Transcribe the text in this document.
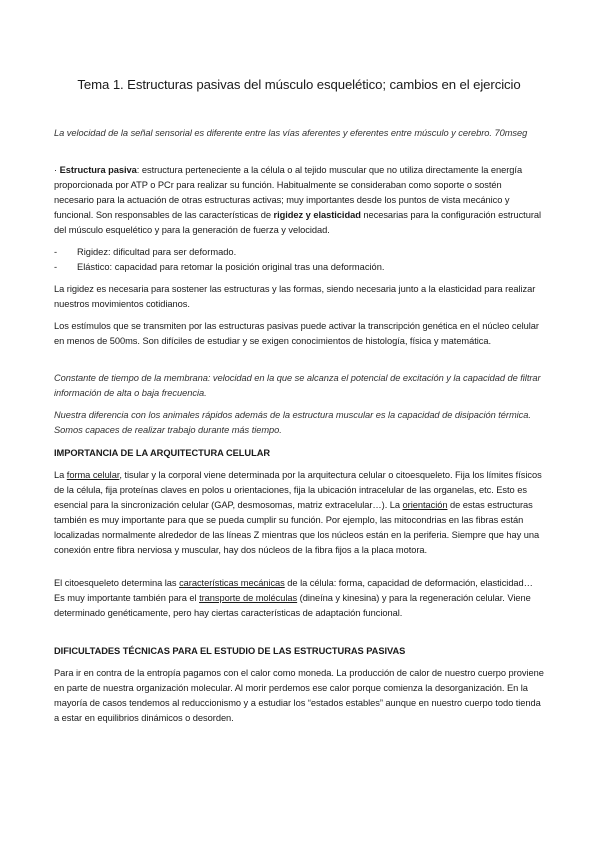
Tema 1. Estructuras pasivas del músculo esquelético; cambios en el ejercicio

La velocidad de la señal sensorial es diferente entre las vías aferentes y eferentes entre músculo y cerebro. 70mseg

· Estructura pasiva: estructura perteneciente a la célula o al tejido muscular que no utiliza directamente la energía proporcionada por ATP o PCr para realizar su función. Habitualmente se consideraban como soporte o sostén necesario para la actuación de otras estructuras activas; muy importantes desde los puntos de vista mecánico y funcional. Son responsables de las características de rigidez y elasticidad necesarias para la configuración estructural del músculo esquelético y para la generación de fuerza y velocidad.

- Rigidez: dificultad para ser deformado.
- Elástico: capacidad para retomar la posición original tras una deformación.

La rigidez es necesaria para sostener las estructuras y las formas, siendo necesaria junto a la elasticidad para realizar nuestros movimientos cotidianos.

Los estímulos que se transmiten por las estructuras pasivas puede activar la transcripción genética en el núcleo celular en menos de 500ms. Son difíciles de estudiar y se exigen conocimientos de histología, física y matemática.

Constante de tiempo de la membrana: velocidad en la que se alcanza el potencial de excitación y la capacidad de filtrar información de alta o baja frecuencia.

Nuestra diferencia con los animales rápidos además de la estructura muscular es la capacidad de disipación térmica. Somos capaces de realizar trabajo durante más tiempo.

IMPORTANCIA DE LA ARQUITECTURA CELULAR

La forma celular, tisular y la corporal viene determinada por la arquitectura celular o citoesqueleto. Fija los límites físicos de la célula, fija proteínas claves en polos u orientaciones, fija la ubicación intracelular de las organelas, etc. Esto es esencial para la sincronización celular (GAP, desmosomas, matriz extracelular…). La orientación de estas estructuras también es muy importante para que se pueda cumplir su función. Por ejemplo, las mitocondrias en las fibras están localizadas normalmente alrededor de las líneas Z mientras que los núcleos están en la periferia. Siempre que hay una conexión entre fibra nerviosa y muscular, hay dos núcleos de la fibra fijos a la placa motora.

El citoesqueleto determina las características mecánicas de la célula: forma, capacidad de deformación, elasticidad… Es muy importante también para el transporte de moléculas (dineína y kinesina) y para la regeneración celular. Viene determinado genéticamente, pero hay ciertas características de adaptación funcional.

DIFICULTADES TÉCNICAS PARA EL ESTUDIO DE LAS ESTRUCTURAS PASIVAS

Para ir en contra de la entropía pagamos con el calor como moneda. La producción de calor de nuestro cuerpo proviene en parte de nuestra organización molecular. Al morir perdemos ese calor porque comienza la desorganización. En la mayoría de casos tendemos al reduccionismo y a estudiar los “estados estables” aunque en nuestro cuerpo todo tienda a estar en equilibrios dinámicos o desorden.
